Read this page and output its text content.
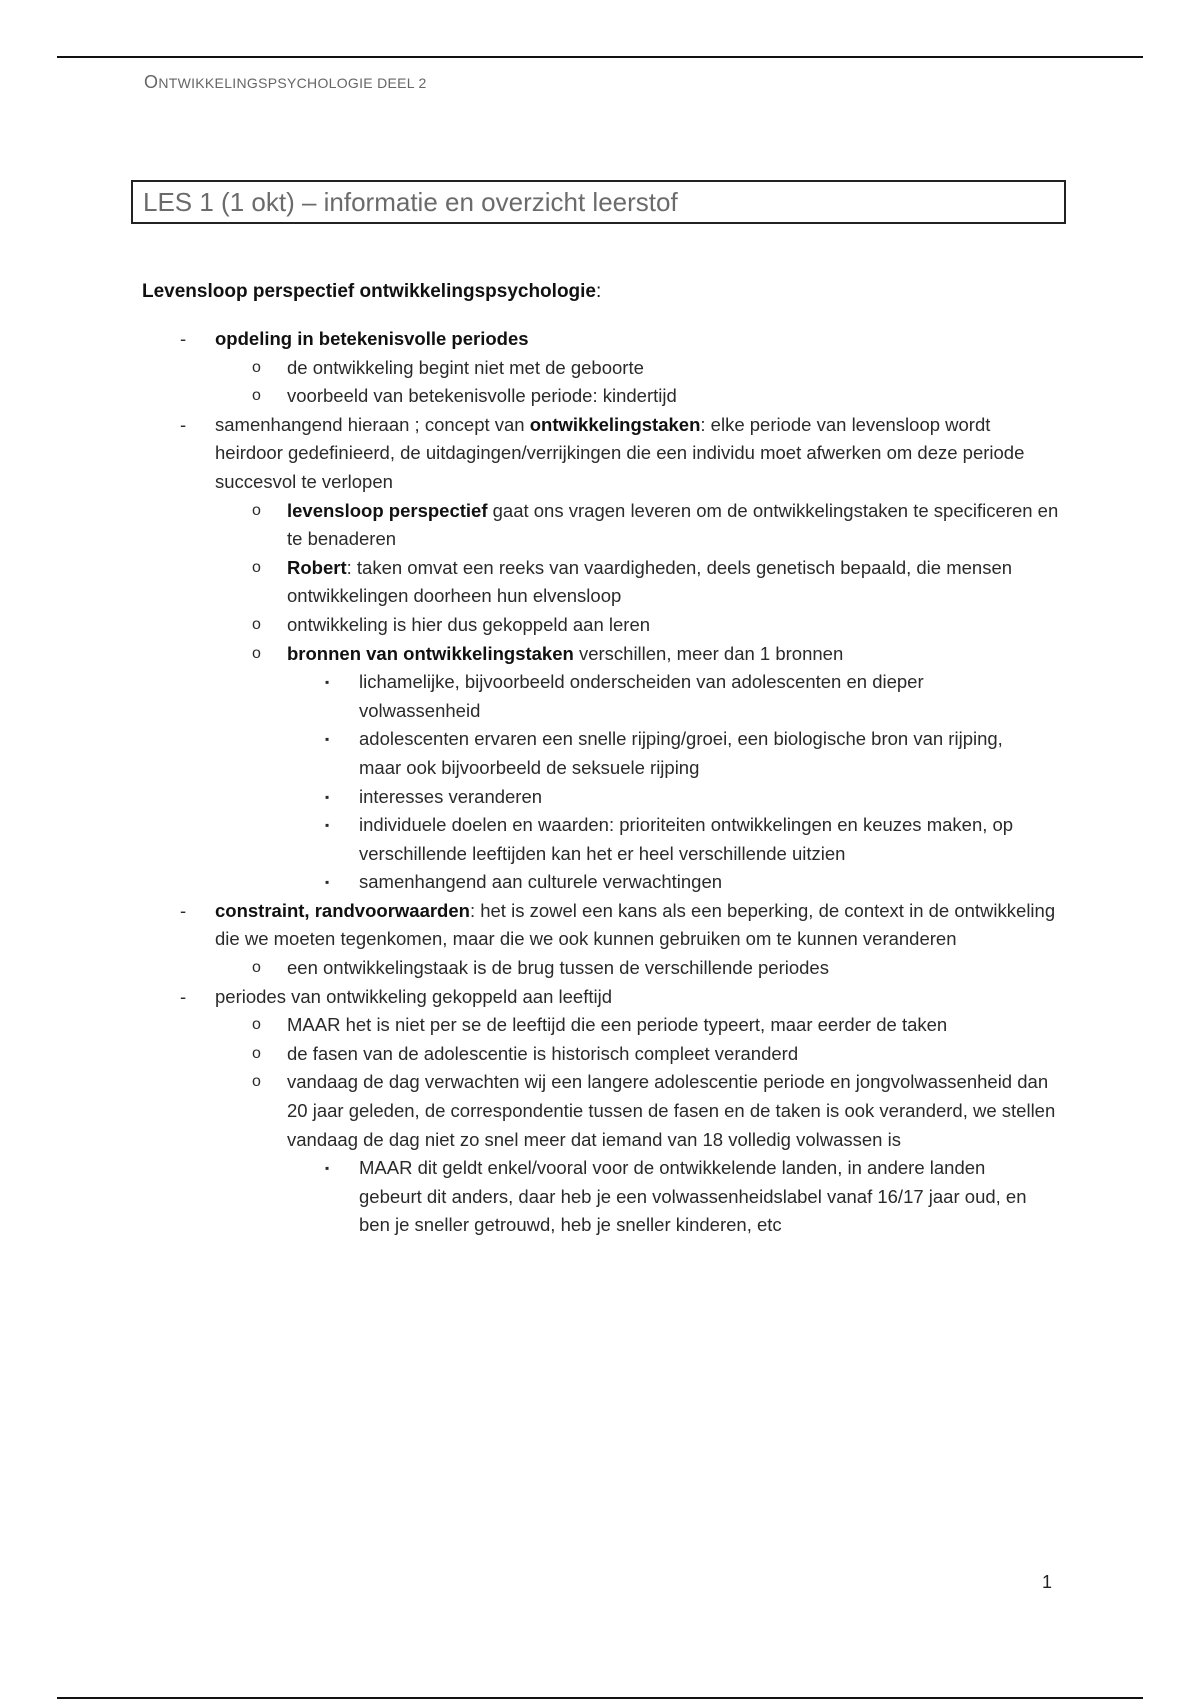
ONTWIKKELINGSPSYCHOLOGIE DEEL 2
LES 1 (1 okt) – informatie en overzicht leerstof
Levensloop perspectief ontwikkelingspsychologie:
- opdeling in betekenisvolle periodes
o de ontwikkeling begint niet met de geboorte
o voorbeeld van betekenisvolle periode: kindertijd
- samenhangend hieraan ; concept van ontwikkelingstaken: elke periode van levensloop wordt heirdoor gedefinieerd, de uitdagingen/verrijkingen die een individu moet afwerken om deze periode succesvol te verlopen
o levensloop perspectief gaat ons vragen leveren om de ontwikkelingstaken te specificeren en te benaderen
o Robert: taken omvat een reeks van vaardigheden, deels genetisch bepaald, die mensen ontwikkelingen doorheen hun elvensloop
o ontwikkeling is hier dus gekoppeld aan leren
o bronnen van ontwikkelingstaken verschillen, meer dan 1 bronnen
▪ lichamelijke, bijvoorbeeld onderscheiden van adolescenten en dieper volwassenheid
▪ adolescenten ervaren een snelle rijping/groei, een biologische bron van rijping, maar ook bijvoorbeeld de seksuele rijping
▪ interesses veranderen
▪ individuele doelen en waarden: prioriteiten ontwikkelingen en keuzes maken, op verschillende leeftijden kan het er heel verschillende uitzien
▪ samenhangend aan culturele verwachtingen
- constraint, randvoorwaarden: het is zowel een kans als een beperking, de context in de ontwikkeling die we moeten tegenkomen, maar die we ook kunnen gebruiken om te kunnen veranderen
o een ontwikkelingstaak is de brug tussen de verschillende periodes
- periodes van ontwikkeling gekoppeld aan leeftijd
o MAAR het is niet per se de leeftijd die een periode typeert, maar eerder de taken
o de fasen van de adolescentie is historisch compleet veranderd
o vandaag de dag verwachten wij een langere adolescentie periode en jongvolwassenheid dan 20 jaar geleden, de correspondentie tussen de fasen en de taken is ook veranderd, we stellen vandaag de dag niet zo snel meer dat iemand van 18 volledig volwassen is
▪ MAAR dit geldt enkel/vooral voor de ontwikkelende landen, in andere landen gebeurt dit anders, daar heb je een volwassenheidslabel vanaf 16/17 jaar oud, en ben je sneller getrouwd, heb je sneller kinderen, etc
1
